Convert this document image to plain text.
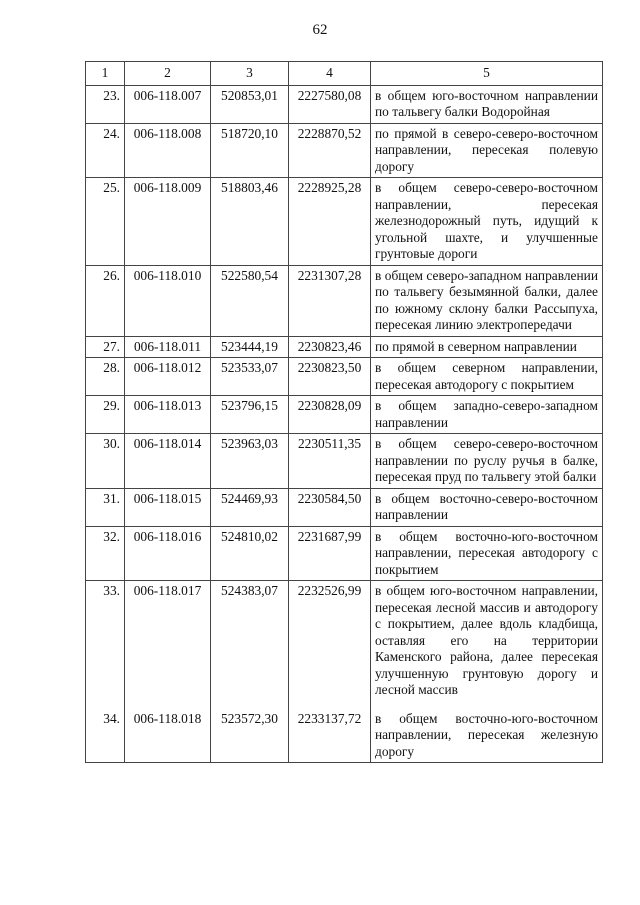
62
1	2	3	4	5
23.	006-118.007	520853,01	2227580,08	в общем юго-восточном направлении по тальвегу балки Водоройная
24.	006-118.008	518720,10	2228870,52	по прямой в северо-северо-восточном направлении, пересекая полевую дорогу
25.	006-118.009	518803,46	2228925,28	в общем северо-северо-восточном направлении, пересекая железнодорожный путь, идущий к угольной шахте, и улучшенные грунтовые дороги
26.	006-118.010	522580,54	2231307,28	в общем северо-западном направлении по тальвегу безымянной балки, далее по южному склону балки Рассыпуха, пересекая линию электропередачи
27.	006-118.011	523444,19	2230823,46	по прямой в северном направлении
28.	006-118.012	523533,07	2230823,50	в общем северном направлении, пересекая автодорогу с покрытием
29.	006-118.013	523796,15	2230828,09	в общем западно-северо-западном направлении
30.	006-118.014	523963,03	2230511,35	в общем северо-северо-восточном направлении по руслу ручья в балке, пересекая пруд по тальвегу этой балки
31.	006-118.015	524469,93	2230584,50	в общем восточно-северо-восточном направлении
32.	006-118.016	524810,02	2231687,99	в общем восточно-юго-восточном направлении, пересекая автодорогу с покрытием
33.	006-118.017	524383,07	2232526,99	в общем юго-восточном направлении, пересекая лесной массив и автодорогу с покрытием, далее вдоль кладбища, оставляя его на территории Каменского района, далее пересекая улучшенную грунтовую дорогу и лесной массив
34.	006-118.018	523572,30	2233137,72	в общем восточно-юго-восточном направлении, пересекая железную дорогу
